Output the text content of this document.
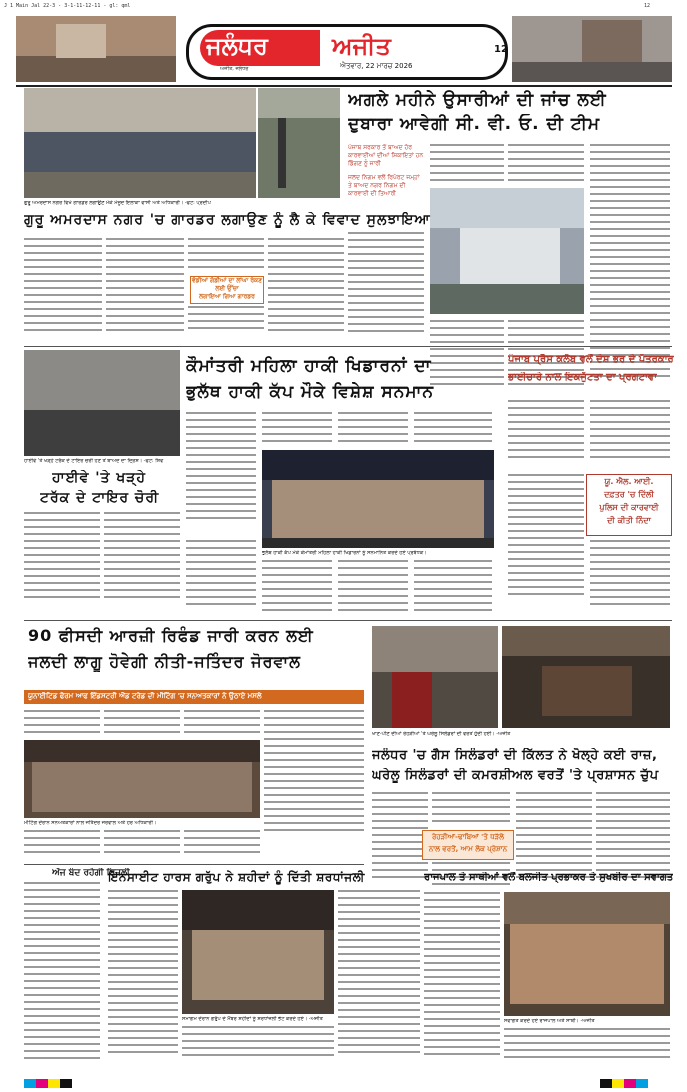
J 1 Main Jal 22-3 - 3-1-11-12-11 - gl: qml
ਜਲੰਧਰ	ਅਜੀਤ
ਐਤਵਾਰ, 22 ਮਾਰਚ 2026
ਅਜੀਤ, ਜਲੰਧਰ
12
ਅਗਲੇ ਮਹੀਨੇ ਉਸਾਰੀਆਂ ਦੀ ਜਾਂਚ ਲਈ
ਦੁਬਾਰਾ ਆਵੇਗੀ ਸੀ. ਵੀ. ਓ. ਦੀ ਟੀਮ
ਪੰਜਾਬ ਸਰਕਾਰ ਤੋਂ ਬਾਅਦ ਹੋਰ ਕਾਰਵਾਈਆਂ ਦੀਆਂ ਸ਼ਿਕਾਇਤਾਂ ਹਨ ਡਿੱਗਣ ਨੂੰ ਜਾਰੀ
ਜਲਦ ਨਿਗਮ ਵਲੋਂ ਰਿਪੋਰਟ ਜਮ੍ਹਾਂ ਤੇ ਬਾਅਦ ਨਗਰ ਨਿਗਮ ਦੀ ਕਾਰਵਾਈ ਦੀ ਤਿਆਰੀ
ਗੁਰੂ ਅਮਰਦਾਸ ਨਗਰ ਵਿਖੇ ਗਾਰਡਰ ਲਗਾਉਣ ਮੌਕੇ ਮੌਜੂਦ ਇਲਾਕਾ ਵਾਸੀ ਅਤੇ ਅਧਿਕਾਰੀ। -ਫੋਟੋ: ਪ੍ਰਦੀਪ
ਗੁਰੂ ਅਮਰਦਾਸ ਨਗਰ 'ਚ ਗਾਰਡਰ ਲਗਾਉਣ ਨੂੰ ਲੈ ਕੇ ਵਿਵਾਦ ਸੁਲਝਾਇਆ
ਵੱਡੀਆਂ ਗੱਡੀਆਂ ਦਾ ਲਾਂਘਾ ਰੋਕਣ ਲਈ ਉੱਚਾ
ਲਗਾਇਆ ਗਿਆ ਗਾਰਡਰ
ਹਾਈਵੇ 'ਤੇ ਖੜ੍ਹੇ ਟਰੱਕ ਦੇ ਟਾਇਰ ਚੋਰੀ ਹੋਣ ਤੋਂ ਬਾਅਦ ਦਾ ਦ੍ਰਿਸ਼। -ਫੋਟੋ: ਸ਼ਿਵ
ਕੌਮਾਂਤਰੀ ਮਹਿਲਾ ਹਾਕੀ ਖਿਡਾਰਨਾਂ ਦਾ
ਭੁਲੱਥ ਹਾਕੀ ਕੱਪ ਮੌਕੇ ਵਿਸ਼ੇਸ਼ ਸਨਮਾਨ
ਭੁਲੱਥ ਹਾਕੀ ਕੱਪ ਮੌਕੇ ਕੌਮਾਂਤਰੀ ਮਹਿਲਾ ਹਾਕੀ ਖਿਡਾਰਨਾਂ ਨੂੰ ਸਨਮਾਨਿਤ ਕਰਦੇ ਹੋਏ ਪ੍ਰਬੰਧਕ।
ਪੰਜਾਬ ਪ੍ਰੈੱਸ ਕਲੱਬ ਵਲੋਂ ਦੇਸ਼ ਭਰ ਦੇ ਪੱਤਰਕਾਰ
ਭਾਈਚਾਰੇ ਨਾਲ ਇਕਜੁੱਟਤਾ ਦਾ ਪ੍ਰਗਟਾਵਾ
ਯੂ. ਐਲ. ਆਈ.
ਦਫ਼ਤਰ 'ਚ ਦਿੱਲੀ
ਪੁਲਿਸ ਦੀ ਕਾਰਵਾਈ
ਦੀ ਕੀਤੀ ਨਿੰਦਾ
ਹਾਈਵੇ 'ਤੇ ਖੜ੍ਹੇ
ਟਰੱਕ ਦੇ ਟਾਇਰ ਚੋਰੀ
90 ਫੀਸਦੀ ਆਰਜ਼ੀ ਰਿਫੰਡ ਜਾਰੀ ਕਰਨ ਲਈ
ਜਲਦੀ ਲਾਗੂ ਹੋਵੇਗੀ ਨੀਤੀ-ਜਤਿੰਦਰ ਜੋਰਵਾਲ
ਯੂਨਾਈਟਿਡ ਫੋਰਮ ਆਫ ਇੰਡਸਟਰੀ ਐਂਡ ਟਰੇਡ ਦੀ ਮੀਟਿੰਗ 'ਚ ਸਨਅਤਕਾਰਾਂ ਨੇ ਉਠਾਏ ਮਸਲੇ
ਮੀਟਿੰਗ ਦੌਰਾਨ ਸਨਅਤਕਾਰਾਂ ਨਾਲ ਜਤਿੰਦਰ ਜੋਰਵਾਲ ਅਤੇ ਹੋਰ ਅਧਿਕਾਰੀ।
ਖਾਣ-ਪੀਣ ਦੀਆਂ ਰੇਹੜੀਆਂ 'ਤੇ ਘਰੇਲੂ ਸਿਲੰਡਰਾਂ ਦੀ ਵਰਤੋਂ ਹੁੰਦੀ ਹੋਈ। -ਅਜੀਤ
ਜਲੰਧਰ 'ਚ ਗੈਸ ਸਿਲੰਡਰਾਂ ਦੀ ਕਿੱਲਤ ਨੇ ਖੋਲ੍ਹੇ ਕਈ ਰਾਜ਼,
ਘਰੇਲੂ ਸਿਲੰਡਰਾਂ ਦੀ ਕਮਰਸ਼ੀਅਲ ਵਰਤੋਂ 'ਤੇ ਪ੍ਰਸ਼ਾਸਨ ਚੁੱਪ
ਰੇਹੜੀਆਂ-ਢਾਬਿਆਂ 'ਤੇ ਧੜੱਲੇ
ਨਾਲ ਵਰਤੋਂ, ਆਮ ਲੋਕ ਪ੍ਰੇਸ਼ਾਨ
ਅੱਜ ਬੰਦ ਰਹੇਗੀ ਬਿਜਲੀ
ਇਨਸਾਈਟ ਹਾਰਸ ਗਰੁੱਪ ਨੇ ਸ਼ਹੀਦਾਂ ਨੂੰ ਦਿੱਤੀ ਸ਼ਰਧਾਂਜਲੀ
ਸਮਾਗਮ ਦੌਰਾਨ ਗਰੁੱਪ ਦੇ ਮੈਂਬਰ ਸ਼ਹੀਦਾਂ ਨੂੰ ਸ਼ਰਧਾਂਜਲੀ ਭੇਟ ਕਰਦੇ ਹੋਏ। -ਅਜੀਤ
ਰਾਜਪਾਲ ਤੇ ਸਾਥੀਆਂ ਵਲੋਂ ਬਲਜੀਤ ਪ੍ਰਭਾਕਰ ਤੇ ਸੁਖਬੀਰ ਦਾ ਸਵਾਗਤ
ਸਵਾਗਤ ਕਰਦੇ ਹੋਏ ਰਾਜਪਾਲ ਅਤੇ ਸਾਥੀ। -ਅਜੀਤ
12
